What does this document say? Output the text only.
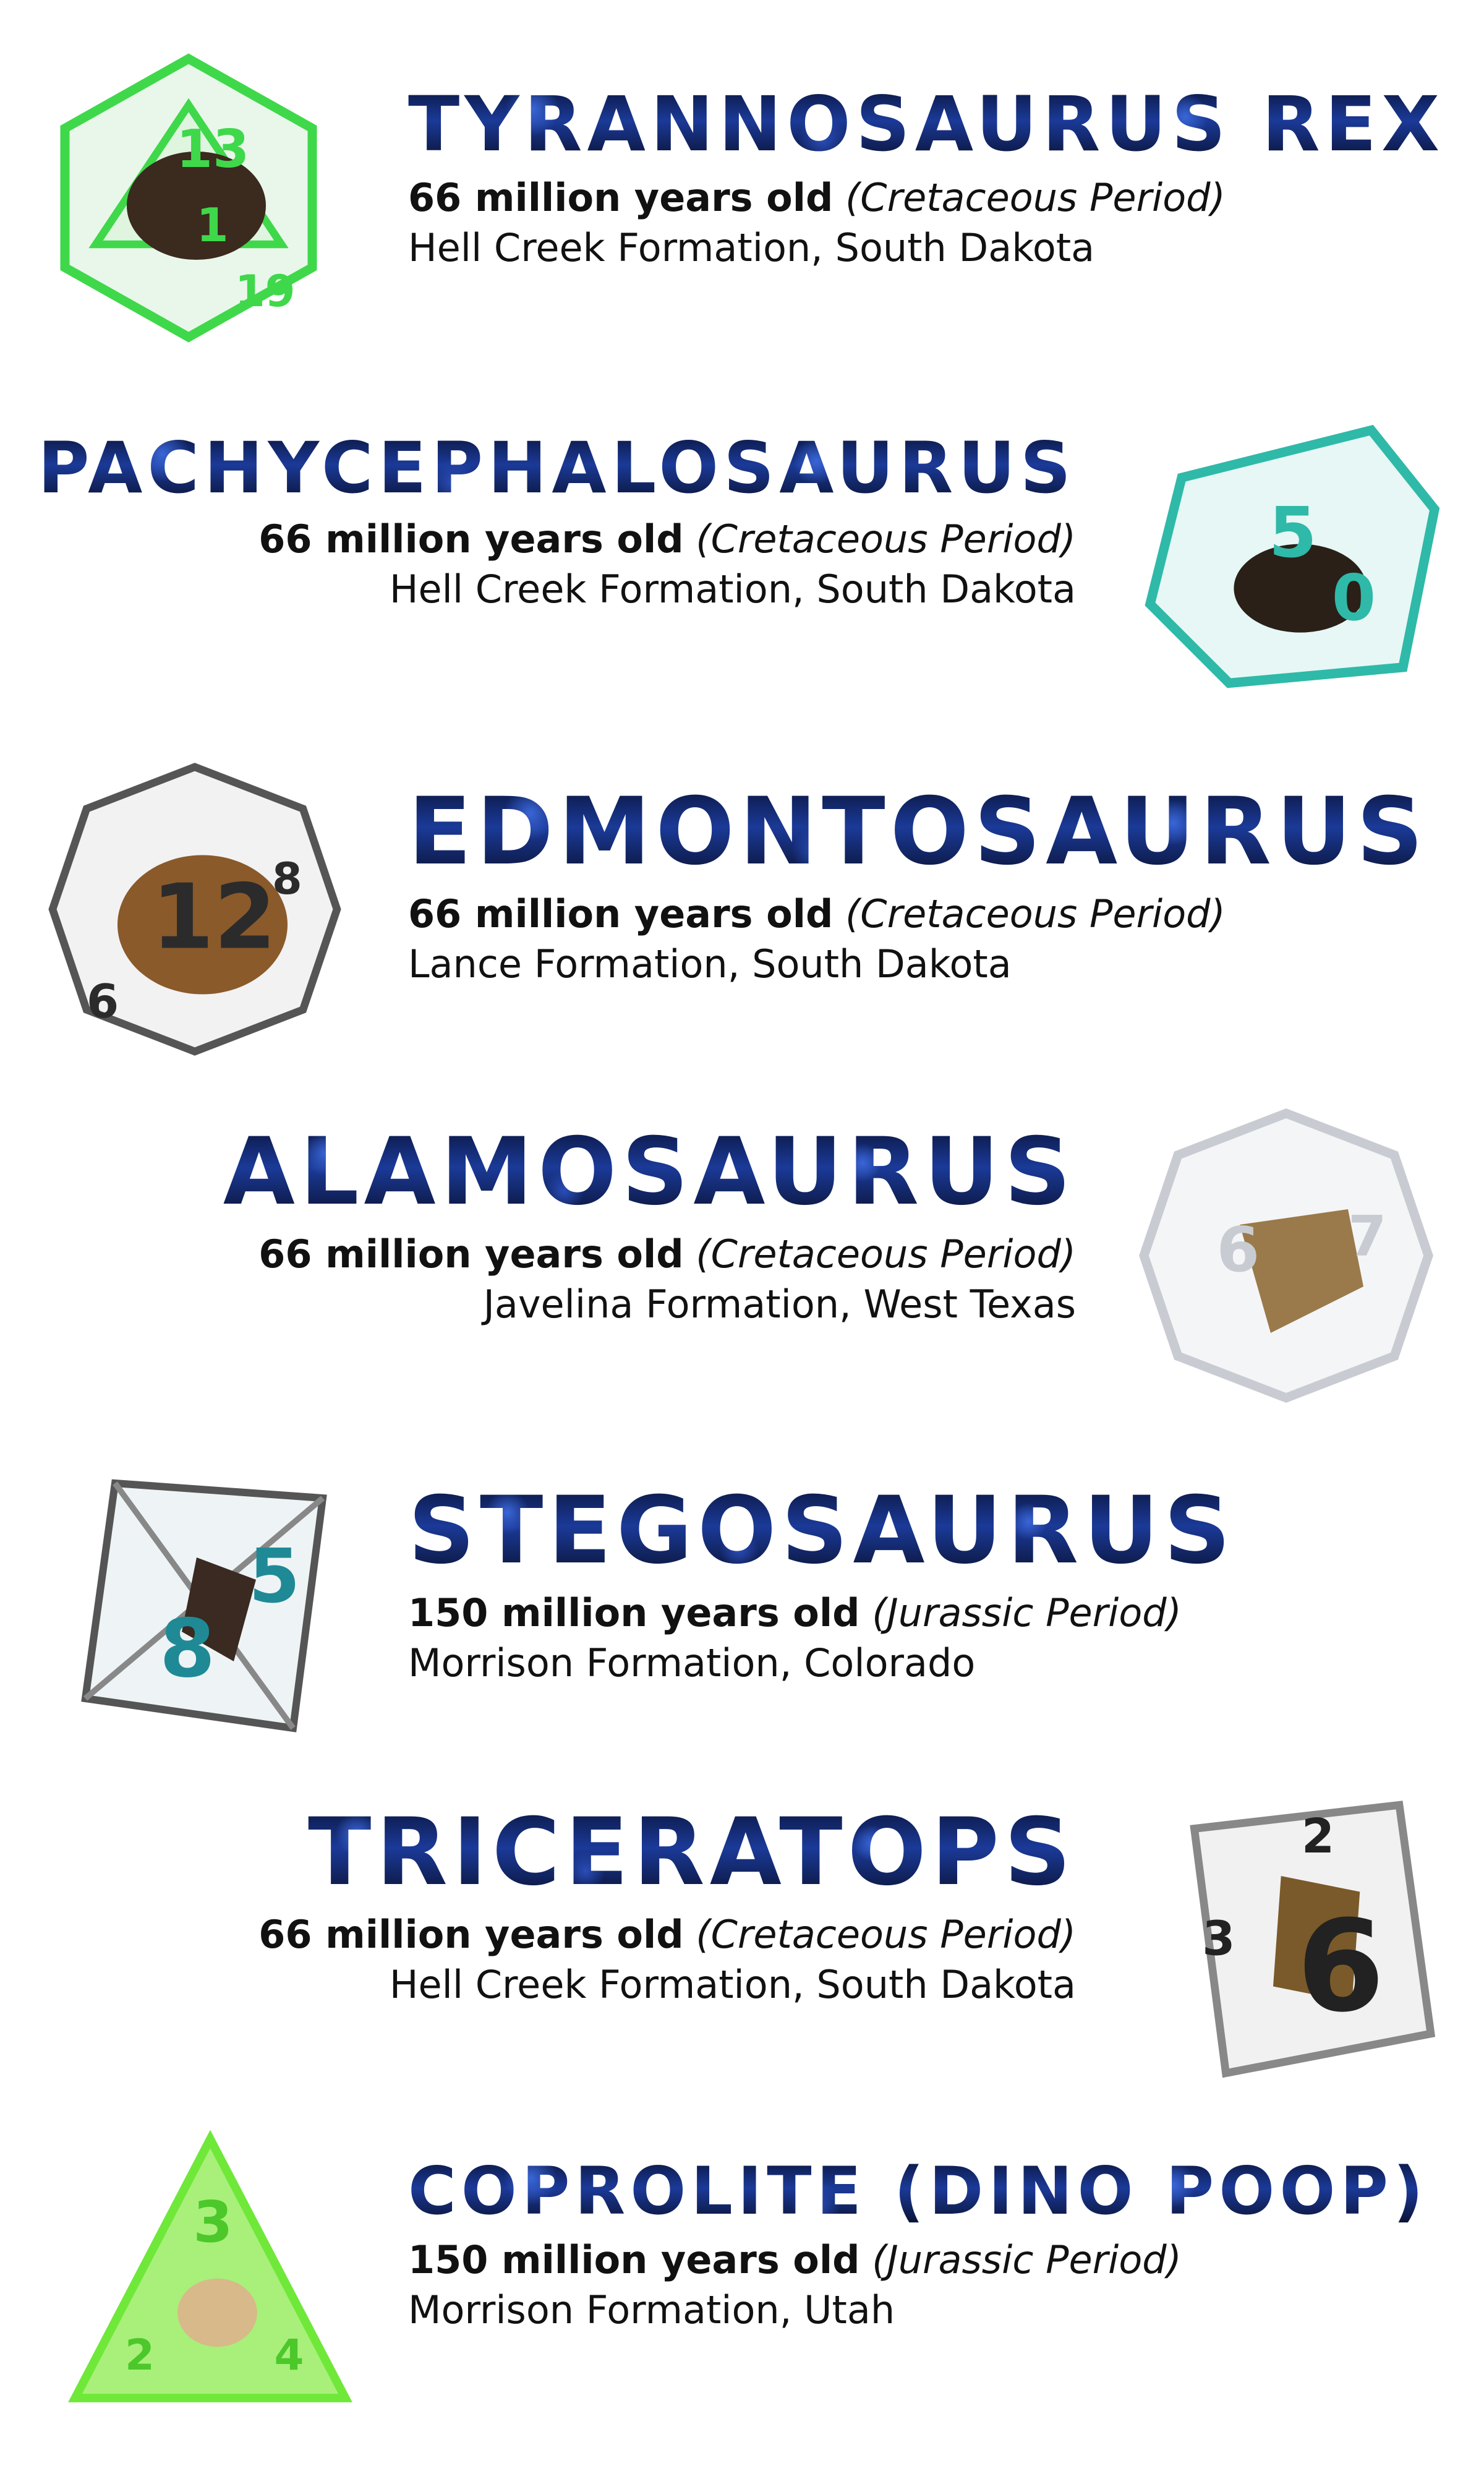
13
1
19
TYRANNOSAURUS REX
66 million years old (Cretaceous Period)
Hell Creek Formation, South Dakota
5
0
PACHYCEPHALOSAURUS
66 million years old (Cretaceous Period)
Hell Creek Formation, South Dakota
12
6
8 EDMONTOSAURUS
66 million years old (Cretaceous Period)
Lance Formation, South Dakota
6	7
ALAMOSAURUS
66 million years old (Cretaceous Period)
Javelina Formation, West Texas
8
5 STEGOSAURUS
150 million years old (Jurassic Period)
Morrison Formation, Colorado
6
2
3
TRICERATOPS
66 million years old (Cretaceous Period)
Hell Creek Formation, South Dakota
3
2	4
COPROLITE (DINO POOP)
150 million years old (Jurassic Period)
Morrison Formation, Utah
